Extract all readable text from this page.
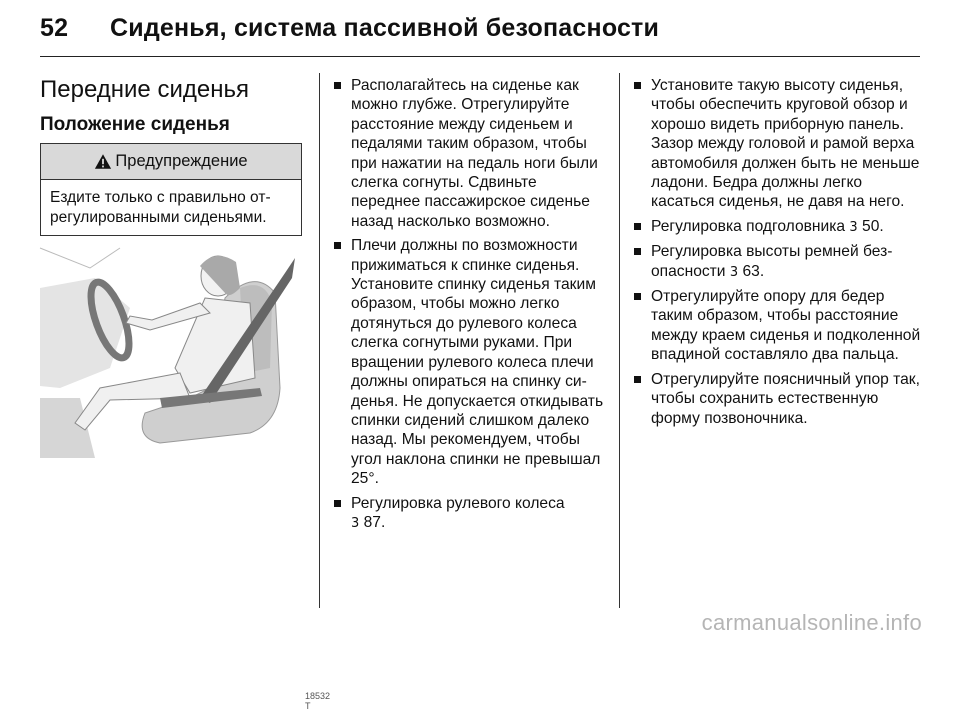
52 Сиденья, система пассивной безопасности
Передние сиденья
Положение сиденья
Предупреждение
Ездите только с правильно отрегулированными сиденьями.
18532 T
Располагайтесь на сиденье как можно глубже. Отрегулируйте расстояние между сиденьем и педалями таким образом, чтобы при нажатии на педаль ноги были слегка согнуты. Сдвиньте переднее пассажирское сиденье назад насколько возможно.
Плечи должны по возможности прижиматься к спинке сиденья. Установите спинку сиденья таким образом, чтобы можно легко дотянуться до рулевого колеса слегка согнутыми руками. При вращении рулевого колеса плечи должны опираться на спинку сиденья. Не допускается откидывать спинки сидений слишком далеко назад. Мы рекомендуем, чтобы угол наклона спинки не превышал 25°.
Регулировка рулевого колеса
3 87.
Установите такую высоту сиденья, чтобы обеспечить круговой обзор и хорошо видеть приборную панель. Зазор между головой и рамой верха автомобиля должен быть не меньше ладони. Бедра должны легко касаться сиденья, не давя на него.
Регулировка подголовника 3 50.
Регулировка высоты ремней безопасности 3 63.
Отрегулируйте опору для бедер таким образом, чтобы расстояние между краем сиденья и подколенной впадиной составляло два пальца.
Отрегулируйте поясничный упор так, чтобы сохранить естественную форму позвоночника.
carmanualsonline.info
